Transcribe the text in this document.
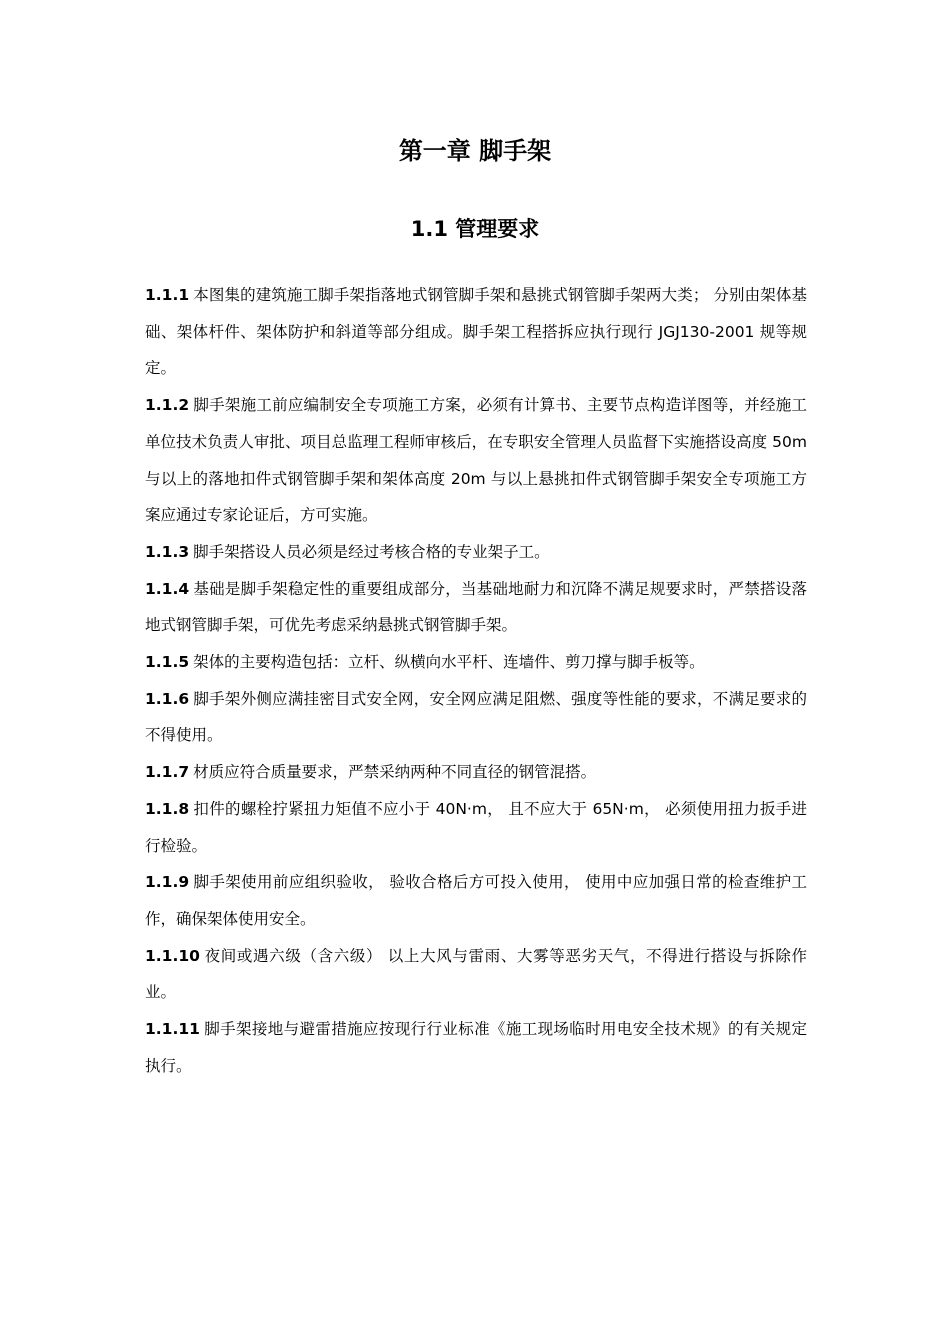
第一章 脚手架
1.1 管理要求

1.1.1 本图集的建筑施工脚手架指落地式钢管脚手架和悬挑式钢管脚手架两大类； 分别由架体基础、架体杆件、架体防护和斜道等部分组成。脚手架工程搭拆应执行现行 JGJ130-2001 规等规定。

1.1.2 脚手架施工前应编制安全专项施工方案，必须有计算书、主要节点构造详图等，并经施工单位技术负责人审批、项目总监理工程师审核后，在专职安全管理人员监督下实施搭设高度 50m 与以上的落地扣件式钢管脚手架和架体高度 20m 与以上悬挑扣件式钢管脚手架安全专项施工方案应通过专家论证后，方可实施。

1.1.3 脚手架搭设人员必须是经过考核合格的专业架子工。

1.1.4 基础是脚手架稳定性的重要组成部分，当基础地耐力和沉降不满足规要求时，严禁搭设落地式钢管脚手架，可优先考虑采纳悬挑式钢管脚手架。

1.1.5 架体的主要构造包括：立杆、纵横向水平杆、连墙件、剪刀撑与脚手板等。

1.1.6 脚手架外侧应满挂密目式安全网，安全网应满足阻燃、强度等性能的要求，不满足要求的不得使用。

1.1.7 材质应符合质量要求，严禁采纳两种不同直径的钢管混搭。

1.1.8 扣件的螺栓拧紧扭力矩值不应小于 40N·m， 且不应大于 65N·m， 必须使用扭力扳手进行检验。

1.1.9 脚手架使用前应组织验收， 验收合格后方可投入使用， 使用中应加强日常的检查维护工作，确保架体使用安全。

1.1.10 夜间或遇六级（含六级） 以上大风与雷雨、大雾等恶劣天气，不得进行搭设与拆除作业。

1.1.11 脚手架接地与避雷措施应按现行行业标准《施工现场临时用电安全技术规》的有关规定执行。
